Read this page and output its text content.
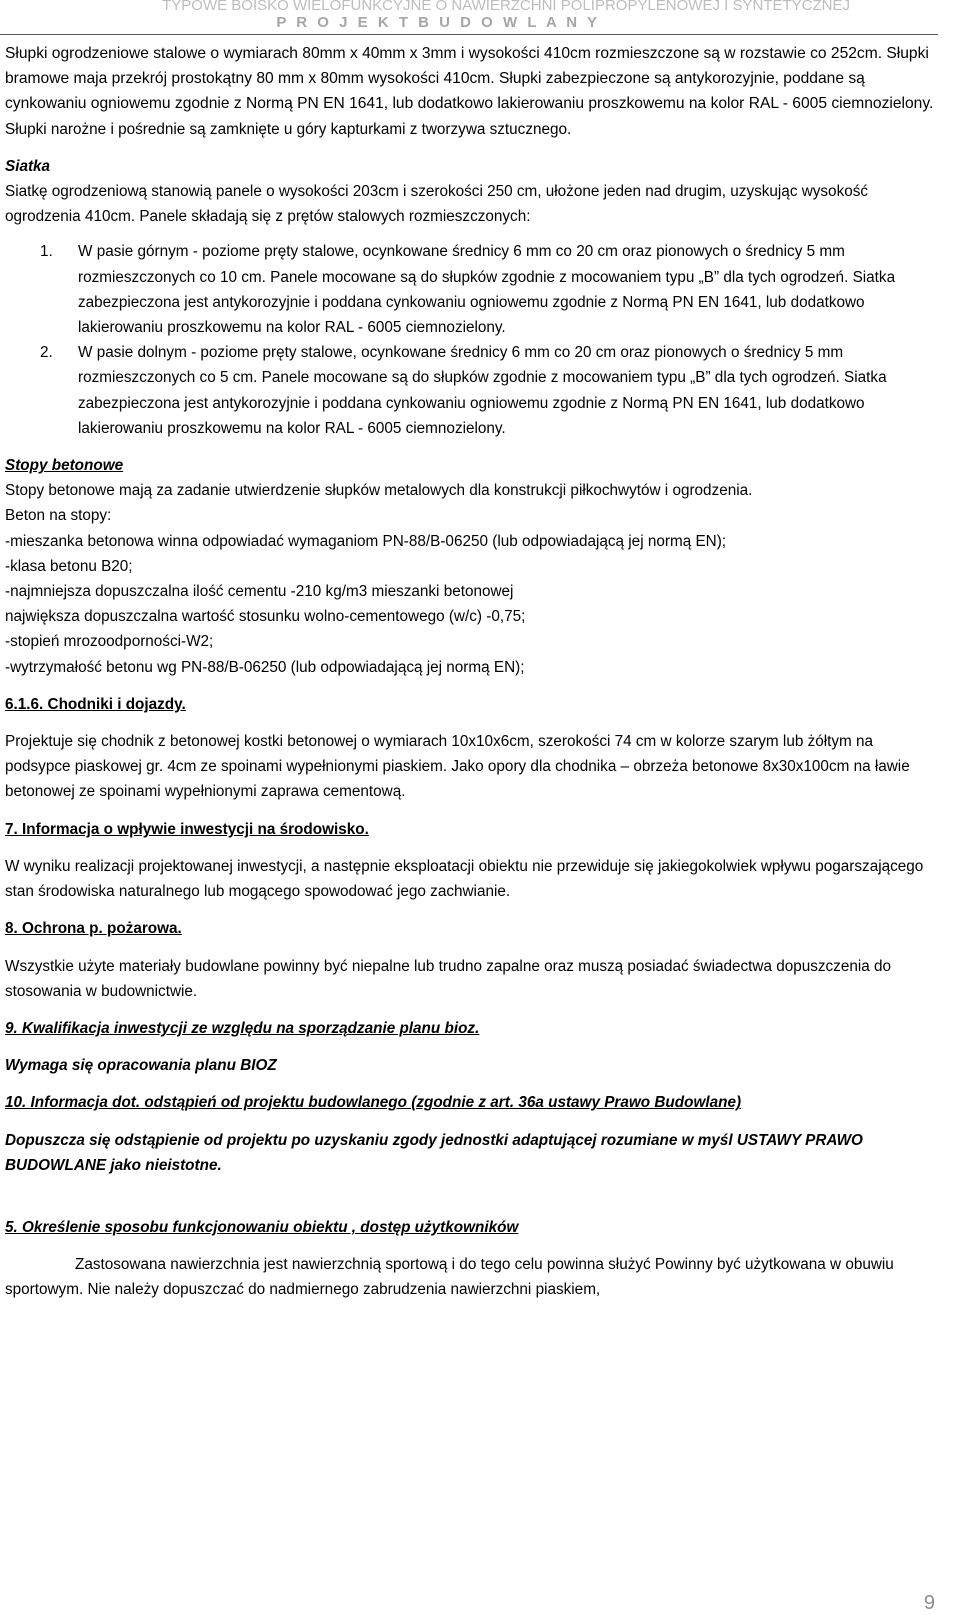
TYPOWE BOISKO WIELOFUNKCYJNE O NAWIERZCHNI POLIPROPYLENOWEJ I SYNTETYCZNEJ
P R O J E K T B U D O W L A N Y

Słupki ogrodzeniowe stalowe o wymiarach 80mm x 40mm x 3mm i wysokości 410cm rozmieszczone są w rozstawie co 252cm. Słupki bramowe maja przekrój prostokątny 80 mm x 80mm wysokości 410cm. Słupki zabezpieczone są antykorozyjnie, poddane są cynkowaniu ogniowemu zgodnie z Normą PN EN 1641, lub dodatkowo lakierowaniu proszkowemu na kolor RAL - 6005 ciemnozielony.

Słupki narożne i pośrednie są zamknięte u góry kapturkami z tworzywa sztucznego.

Siatka

Siatkę ogrodzeniową stanowią panele o wysokości 203cm i szerokości 250 cm, ułożone jeden nad drugim, uzyskując wysokość ogrodzenia 410cm. Panele składają się z prętów stalowych rozmieszczonych:

1. W pasie górnym - poziome pręty stalowe, ocynkowane średnicy 6 mm co 20 cm oraz pionowych o średnicy 5 mm rozmieszczonych co 10 cm. Panele mocowane są do słupków zgodnie z mocowaniem typu „B” dla tych ogrodzeń. Siatka zabezpieczona jest antykorozyjnie i poddana cynkowaniu ogniowemu zgodnie z Normą PN EN 1641, lub dodatkowo lakierowaniu proszkowemu na kolor RAL - 6005 ciemnozielony.
2. W pasie dolnym - poziome pręty stalowe, ocynkowane średnicy 6 mm co 20 cm oraz pionowych o średnicy 5 mm rozmieszczonych co 5 cm. Panele mocowane są do słupków zgodnie z mocowaniem typu „B” dla tych ogrodzeń. Siatka zabezpieczona jest antykorozyjnie i poddana cynkowaniu ogniowemu zgodnie z Normą PN EN 1641, lub dodatkowo lakierowaniu proszkowemu na kolor RAL - 6005 ciemnozielony.

Stopy betonowe

Stopy betonowe mają za zadanie utwierdzenie słupków metalowych dla konstrukcji piłkochwytów i ogrodzenia.

Beton na stopy:

-mieszanka betonowa winna odpowiadać wymaganiom PN-88/B-06250 (lub odpowiadającą jej normą EN);

-klasa betonu B20;

-najmniejsza dopuszczalna ilość cementu -210 kg/m3 mieszanki betonowej

największa dopuszczalna wartość stosunku wolno-cementowego (w/c) -0,75;

-stopień mrozoodporności-W2;

-wytrzymałość betonu wg PN-88/B-06250 (lub odpowiadającą jej normą EN);

6.1.6. Chodniki i dojazdy.

Projektuje się chodnik z betonowej kostki betonowej o wymiarach 10x10x6cm, szerokości 74 cm w kolorze szarym lub żółtym na podsypce piaskowej gr. 4cm ze spoinami wypełnionymi piaskiem. Jako opory dla chodnika – obrzeża betonowe 8x30x100cm na ławie betonowej ze spoinami wypełnionymi zaprawa cementową.

7. Informacja o wpływie inwestycji na środowisko.

W wyniku realizacji projektowanej inwestycji, a następnie eksploatacji obiektu nie przewiduje się jakiegokolwiek wpływu pogarszającego stan środowiska naturalnego lub mogącego spowodować jego zachwianie.

8. Ochrona p. pożarowa.

Wszystkie użyte materiały budowlane powinny być niepalne lub trudno zapalne oraz muszą posiadać świadectwa dopuszczenia do stosowania w budownictwie.

9. Kwalifikacja inwestycji ze względu na sporządzanie planu bioz.

Wymaga się opracowania planu BIOZ

10. Informacja dot. odstąpień od projektu budowlanego (zgodnie z art. 36a ustawy Prawo Budowlane)

Dopuszcza się odstąpienie od projektu po uzyskaniu zgody jednostki adaptującej rozumiane w myśl USTAWY PRAWO BUDOWLANE jako nieistotne.

5. Określenie sposobu funkcjonowaniu obiektu , dostęp użytkowników

Zastosowana nawierzchnia jest nawierzchnią sportową i do tego celu powinna służyć Powinny być użytkowana w obuwiu sportowym. Nie należy dopuszczać do nadmiernego zabrudzenia nawierzchni piaskiem,

9
